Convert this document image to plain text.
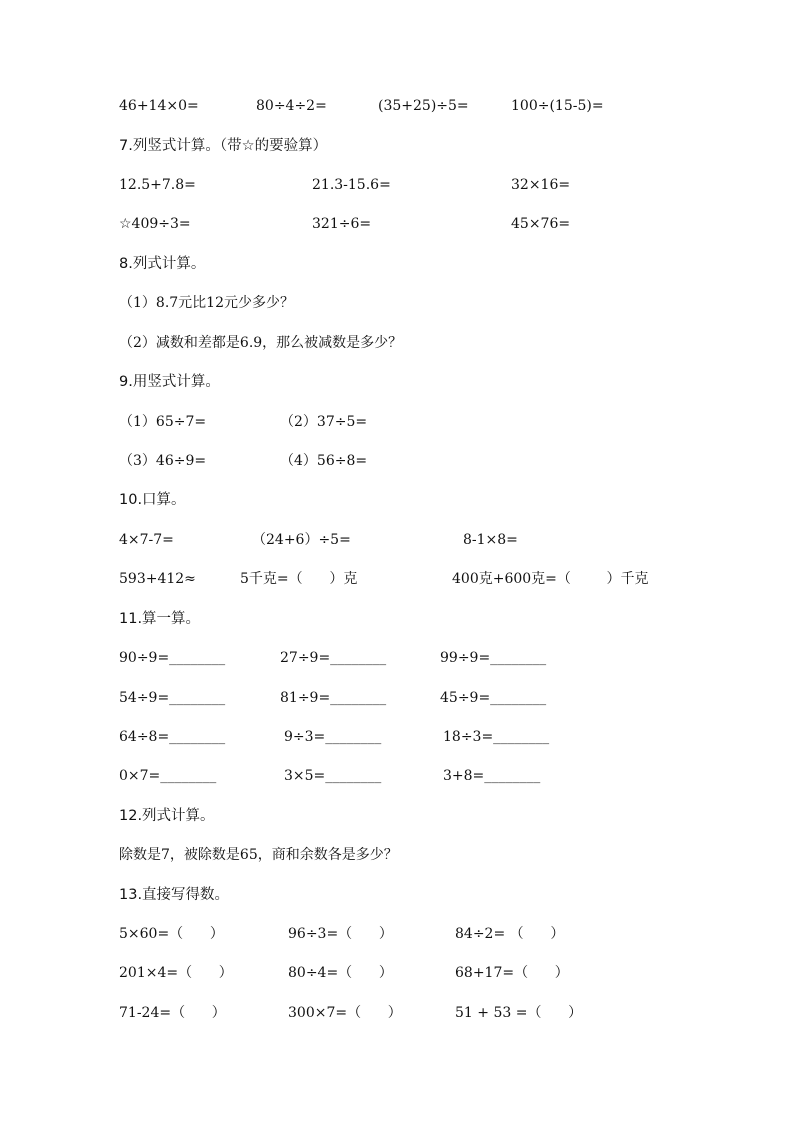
46+14×0=	80÷4÷2=	(35+25)÷5=	100÷(15-5)=
7.列竖式计算。（带☆的要验算）
12.5+7.8=	21.3-15.6=	32×16=
☆409÷3=	321÷6=	45×76=
8.列式计算。
（1）8.7元比12元少多少？
（2）减数和差都是6.9，那么被减数是多少？
9.用竖式计算。
（1）65÷7=	（2）37÷5=
（3）46÷9=	（4）56÷8=
10.口算。
4×7-7=	（24+6）÷5=	8-1×8=
593+412≈	5千克=（      ）克	400克+600克=（        ）千克
11.算一算。
90÷9=________	27÷9=________	99÷9=________
54÷9=________	81÷9=________	45÷9=________
64÷8=________	9÷3=________	18÷3=________
0×7=________	3×5=________	3+8=________
12.列式计算。
除数是7，被除数是65，商和余数各是多少？
13.直接写得数。
5×60=（      ）	96÷3=（      ）	84÷2= （      ）
201×4=（      ）	80÷4=（      ）	68+17=（      ）
71-24=（      ）	300×7=（      ）	51 + 53 =（      ）
